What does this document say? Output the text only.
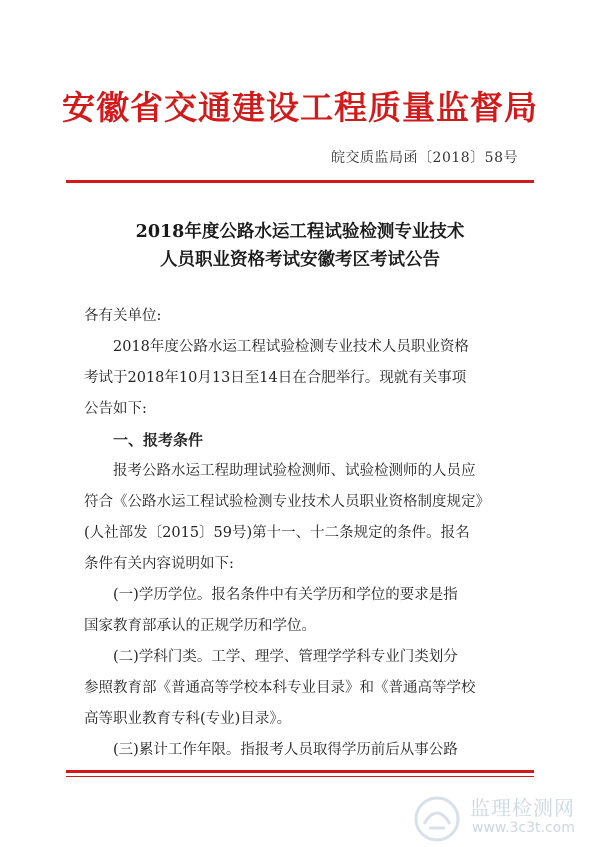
安徽省交通建设工程质量监督局
皖交质监局函〔2018〕58号
2018年度公路水运工程试验检测专业技术
人员职业资格考试安徽考区考试公告
各有关单位:
2018年度公路水运工程试验检测专业技术人员职业资格
考试于2018年10月13日至14日在合肥举行。现就有关事项
公告如下:
一、报考条件
报考公路水运工程助理试验检测师、试验检测师的人员应
符合《公路水运工程试验检测专业技术人员职业资格制度规定》
(人社部发〔2015〕59号)第十一、十二条规定的条件。报名
条件有关内容说明如下:
(一)学历学位。报名条件中有关学历和学位的要求是指
国家教育部承认的正规学历和学位。
(二)学科门类。工学、理学、管理学学科专业门类划分
参照教育部《普通高等学校本科专业目录》和《普通高等学校
高等职业教育专科(专业)目录》。
(三)累计工作年限。指报考人员取得学历前后从事公路
监理检测网
www.3c3t.com
